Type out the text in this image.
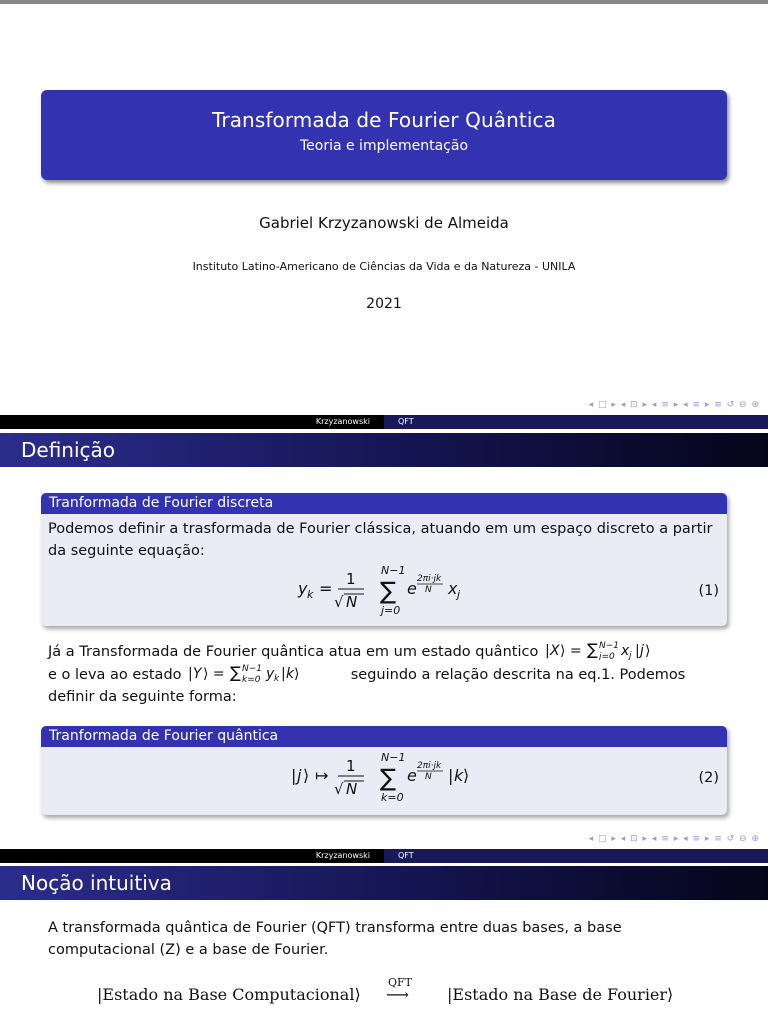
Transformada de Fourier Quântica
Teoria e implementação
Gabriel Krzyzanowski de Almeida
Instituto Latino-Americano de Ciências da Vida e da Natureza - UNILA
2021
◂ □ ▸ ◂ ⊡ ▸ ◂ ≡ ▸ ◂ ≡ ▸ ≡ ↺ ⊖ ⊕
Krzyzanowski	QFT
Definição
Tranformada de Fourier discreta
Podemos definir a trasformada de Fourier clássica, atuando em um espaço discreto a partir da seguinte equação:
y k = 1
√ N
N−1
∑
j=0
e 2πi·jk
N x j	(1)
Já a Transformada de Fourier quântica atua em um estado quântico | X ⟩ = ∑ N−1
j=0 x j | j ⟩
e o leva ao estado | Y ⟩ = ∑ N−1
k=0 y k | k ⟩	seguindo a relação descrita na eq.1. Podemos
definir da seguinte forma:
Tranformada de Fourier quântica
| j ⟩ ↦ 1
√ N
N−1
∑
k=0
e 2πi·jk
N | k ⟩	(2)
◂ □ ▸ ◂ ⊡ ▸ ◂ ≡ ▸ ◂ ≡ ▸ ≡ ↺ ⊖ ⊕
Krzyzanowski	QFT
Noção intuitiva
A transformada quântica de Fourier (QFT) transforma entre duas bases, a base computacional (Z) e a base de Fourier.
|Estado na Base Computacional⟩
QFT
⟶ |Estado na Base de Fourier⟩
